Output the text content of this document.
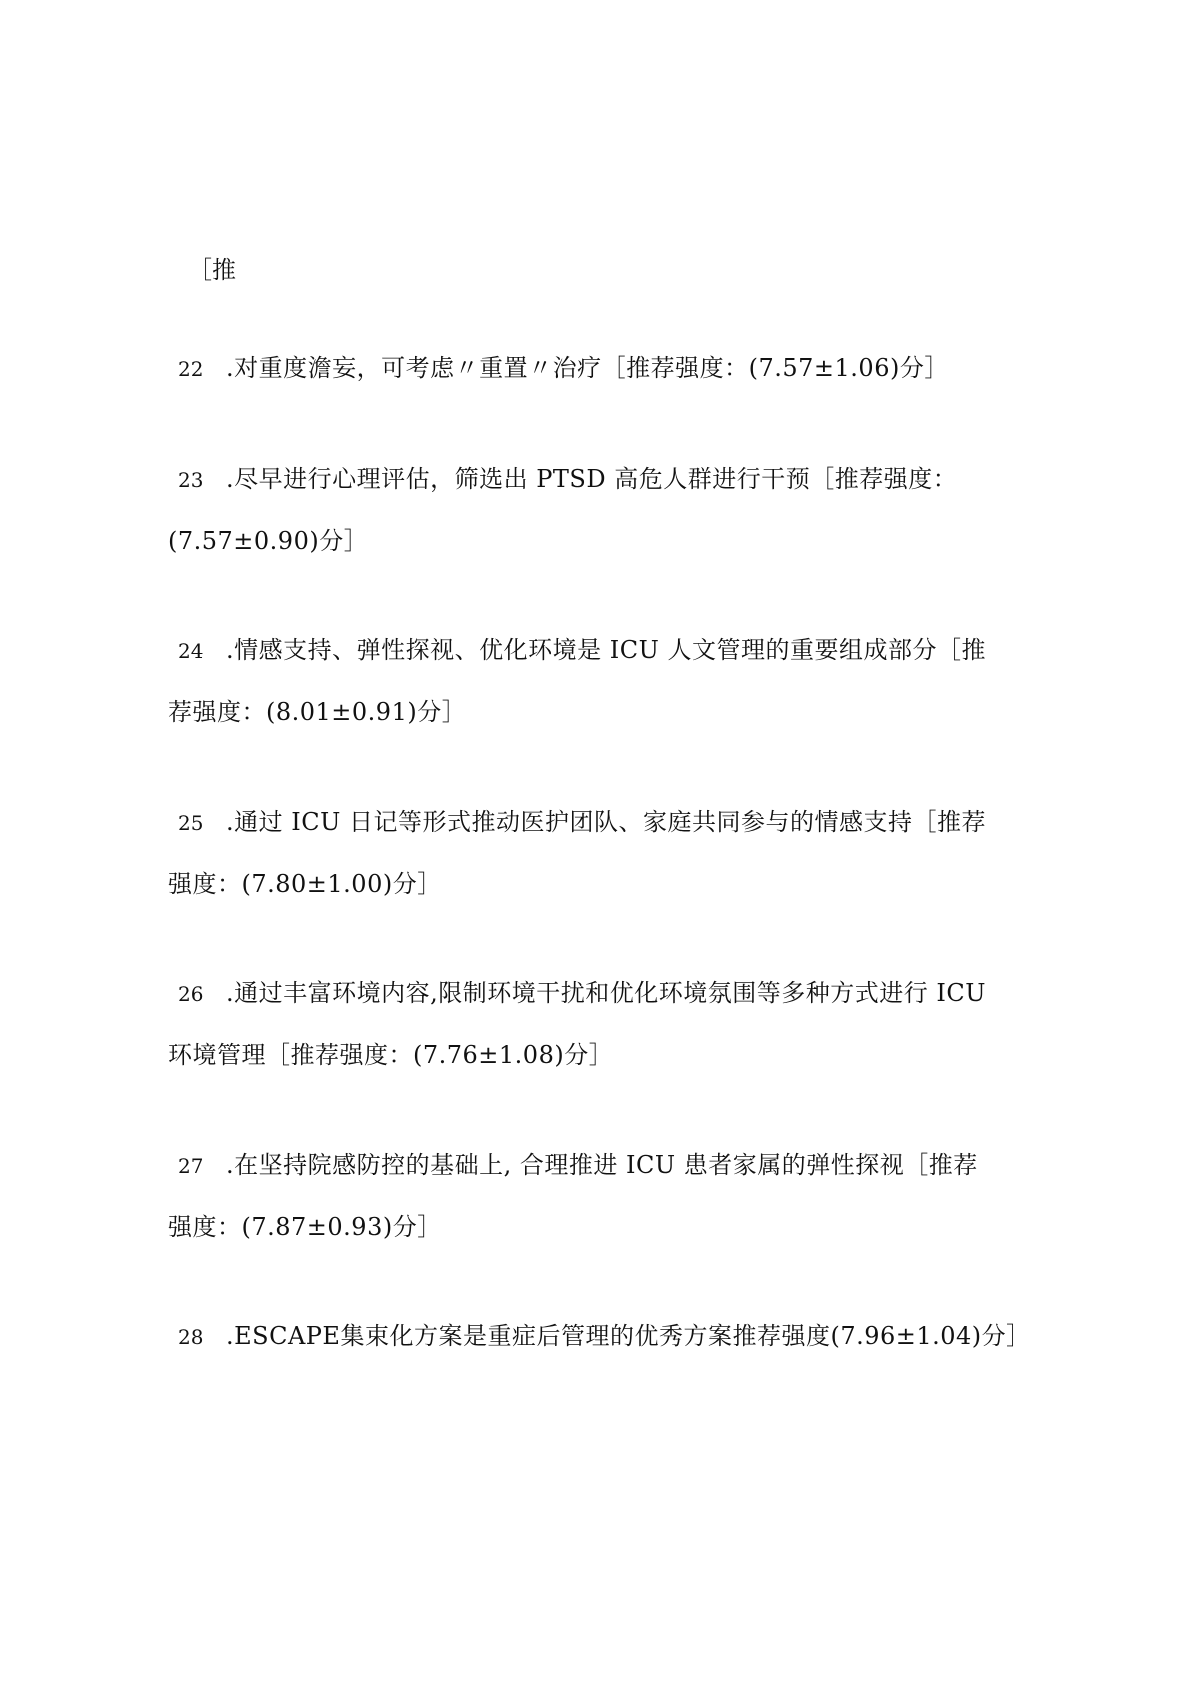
［推
22 .对重度澹妄，可考虑〃重置〃治疗［推荐强度：(7.57±1.06)分］
23 .尽早进行心理评估，筛选出 PTSD 高危人群进行干预［推荐强度：
(7.57±0.90)分］
24 .情感支持、弹性探视、优化环境是 ICU 人文管理的重要组成部分［推
荐强度：(8.01±0.91)分］
25 .通过 ICU 日记等形式推动医护团队、家庭共同参与的情感支持［推荐
强度：(7.80±1.00)分］
26 .通过丰富环境内容,限制环境干扰和优化环境氛围等多种方式进行 ICU
环境管理［推荐强度：(7.76±1.08)分］
27 .在坚持院感防控的基础上, 合理推进 ICU 患者家属的弹性探视［推荐
强度：(7.87±0.93)分］
28 .ESCAPE集束化方案是重症后管理的优秀方案推荐强度(7.96±1.04)分］
